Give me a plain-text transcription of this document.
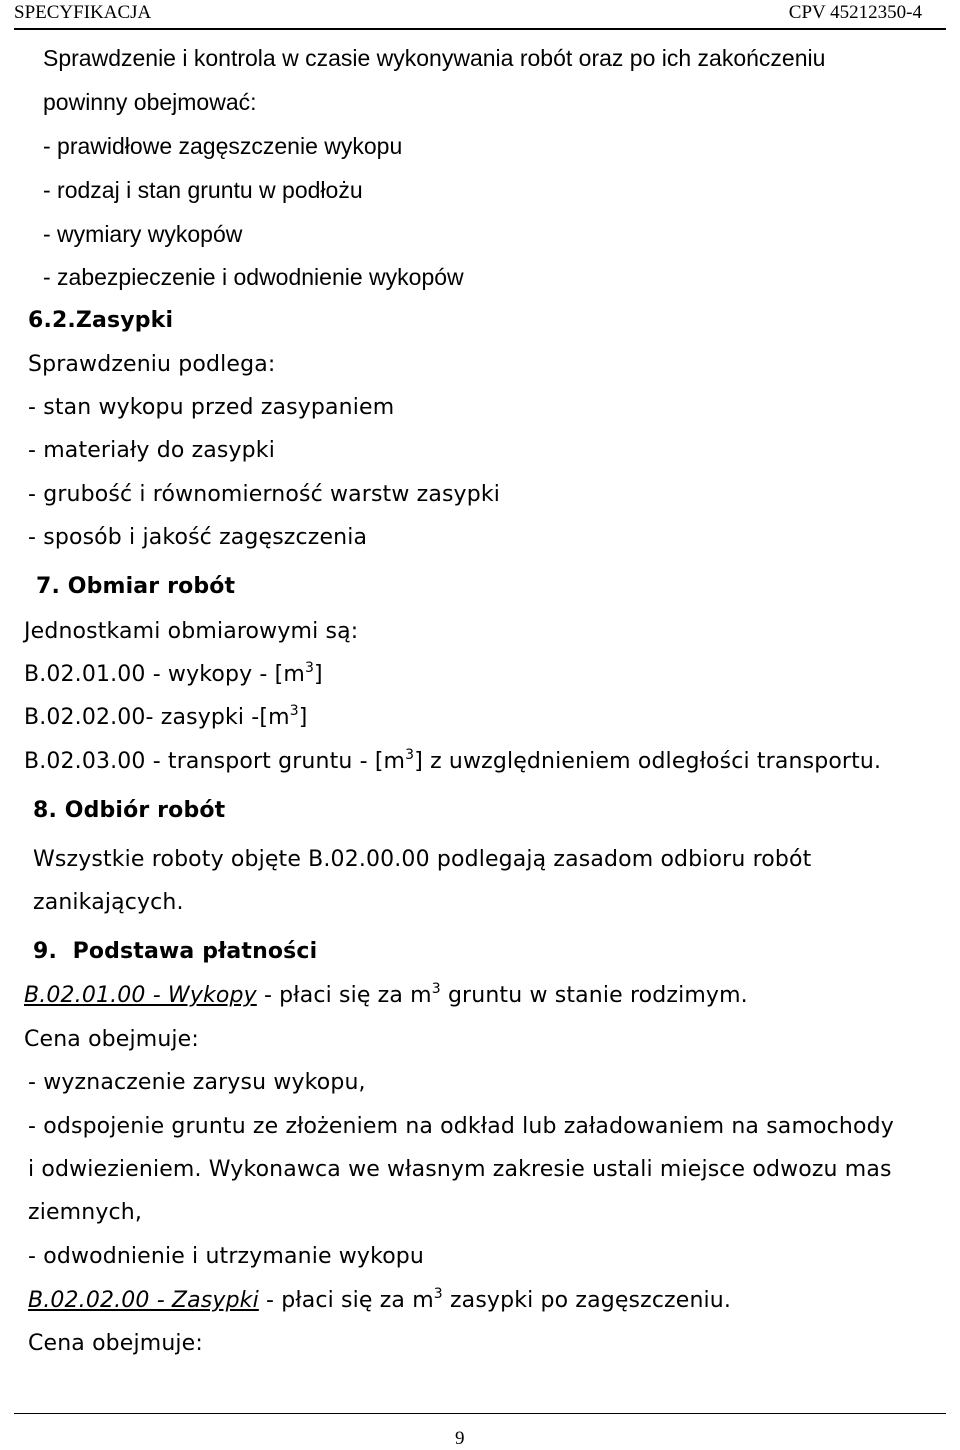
SPECYFIKACJA	CPV 45212350-4
Sprawdzenie i kontrola w czasie wykonywania robót oraz po ich zakończeniu
powinny obejmować:
- prawidłowe zagęszczenie wykopu
- rodzaj i stan gruntu w podłożu
- wymiary wykopów
- zabezpieczenie i odwodnienie wykopów
6.2.Zasypki
Sprawdzeniu podlega:
- stan wykopu przed zasypaniem
- materiały do zasypki
- grubość i równomierność warstw zasypki
- sposób i jakość zagęszczenia
7. Obmiar robót
Jednostkami obmiarowymi są:
B.02.01.00 - wykopy - $[m^3]$
B.02.02.00- zasypki $-[m^3]$
B.02.03.00 - transport gruntu - $[m^3]$ z uwzględnieniem odległości transportu.
8. Odbiór robót
Wszystkie roboty objęte B.02.00.00 podlegają zasadom odbioru robót
zanikających.
9. Podstawa płatności
B.02.01.00 - Wykopy - płaci się za $m^3$ gruntu w stanie rodzimym.
Cena obejmuje:
- wyznaczenie zarysu wykopu,
- odspojenie gruntu ze złożeniem na odkład lub załadowaniem na samochody
i odwiezieniem. Wykonawca we własnym zakresie ustali miejsce odwozu mas
ziemnych,
- odwodnienie i utrzymanie wykopu
B.02.02.00 - Zasypki - płaci się za $m^3$ zasypki po zagęszczeniu.
Cena obejmuje:
9
